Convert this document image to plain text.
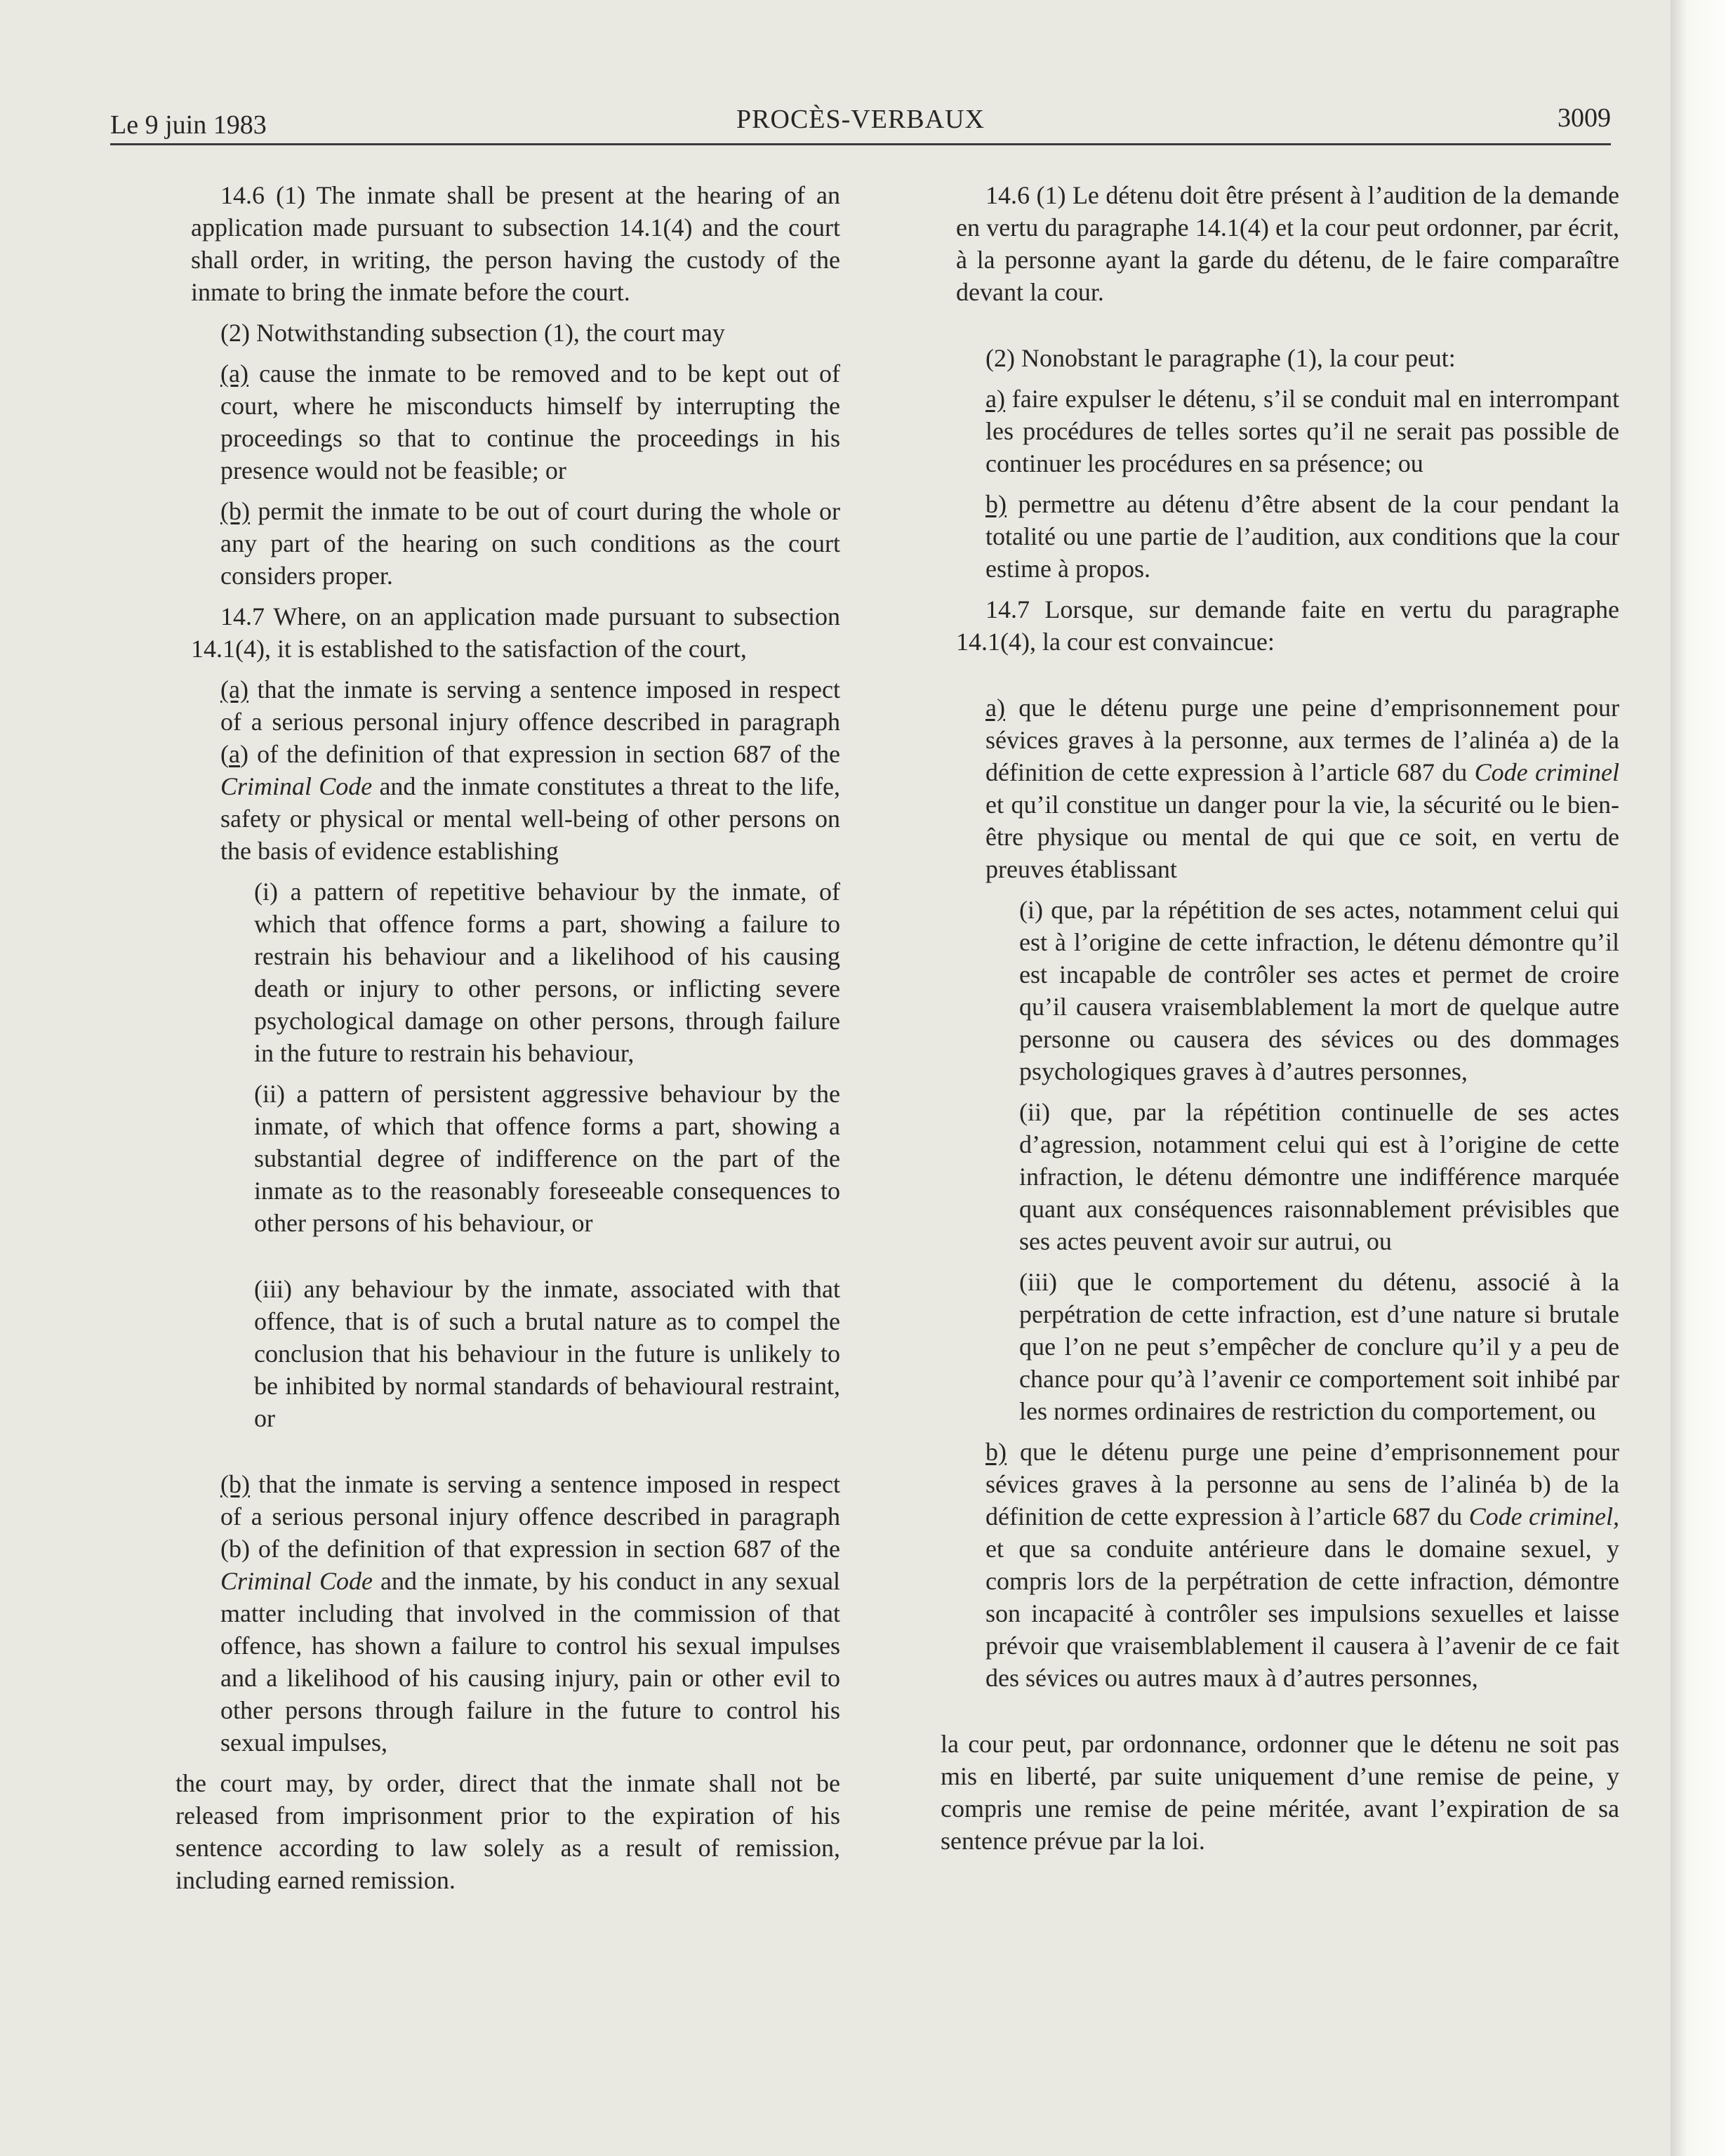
Le 9 juin 1983	PROCÈS-VERBAUX	3009

14.6 (1) The inmate shall be present at the hearing of an application made pursuant to subsection 14.1(4) and the court shall order, in writing, the person having the custody of the inmate to bring the inmate before the court.

(2) Notwithstanding subsection (1), the court may

(a) cause the inmate to be removed and to be kept out of court, where he misconducts himself by interrupting the proceedings so that to continue the proceedings in his presence would not be feasible; or

(b) permit the inmate to be out of court during the whole or any part of the hearing on such conditions as the court considers proper.

14.7 Where, on an application made pursuant to subsection 14.1(4), it is established to the satisfaction of the court,

(a) that the inmate is serving a sentence imposed in respect of a serious personal injury offence described in paragraph (a) of the definition of that expression in section 687 of the Criminal Code and the inmate constitutes a threat to the life, safety or physical or mental well-being of other persons on the basis of evidence establishing

(i) a pattern of repetitive behaviour by the inmate, of which that offence forms a part, showing a failure to restrain his behaviour and a likelihood of his causing death or injury to other persons, or inflicting severe psychological damage on other persons, through failure in the future to restrain his behaviour,

(ii) a pattern of persistent aggressive behaviour by the inmate, of which that offence forms a part, showing a substantial degree of indifference on the part of the inmate as to the reasonably foreseeable consequences to other persons of his behaviour, or

(iii) any behaviour by the inmate, associated with that offence, that is of such a brutal nature as to compel the conclusion that his behaviour in the future is unlikely to be inhibited by normal standards of behavioural restraint, or

(b) that the inmate is serving a sentence imposed in respect of a serious personal injury offence described in paragraph (b) of the definition of that expression in section 687 of the Criminal Code and the inmate, by his conduct in any sexual matter including that involved in the commission of that offence, has shown a failure to control his sexual impulses and a likelihood of his causing injury, pain or other evil to other persons through failure in the future to control his sexual impulses,

the court may, by order, direct that the inmate shall not be released from imprisonment prior to the expiration of his sentence according to law solely as a result of remission, including earned remission.

14.6 (1) Le détenu doit être présent à l’audition de la demande en vertu du paragraphe 14.1(4) et la cour peut ordonner, par écrit, à la personne ayant la garde du détenu, de le faire comparaître devant la cour.

(2) Nonobstant le paragraphe (1), la cour peut:

a) faire expulser le détenu, s’il se conduit mal en interrompant les procédures de telles sortes qu’il ne serait pas possible de continuer les procédures en sa présence; ou

b) permettre au détenu d’être absent de la cour pendant la totalité ou une partie de l’audition, aux conditions que la cour estime à propos.

14.7 Lorsque, sur demande faite en vertu du paragraphe 14.1(4), la cour est convaincue:

a) que le détenu purge une peine d’emprisonnement pour sévices graves à la personne, aux termes de l’alinéa a) de la définition de cette expression à l’article 687 du Code criminel et qu’il constitue un danger pour la vie, la sécurité ou le bien-être physique ou mental de qui que ce soit, en vertu de preuves établissant

(i) que, par la répétition de ses actes, notamment celui qui est à l’origine de cette infraction, le détenu démontre qu’il est incapable de contrôler ses actes et permet de croire qu’il causera vraisemblablement la mort de quelque autre personne ou causera des sévices ou des dommages psychologiques graves à d’autres personnes,

(ii) que, par la répétition continuelle de ses actes d’agression, notamment celui qui est à l’origine de cette infraction, le détenu démontre une indifférence marquée quant aux conséquences raisonnablement prévisibles que ses actes peuvent avoir sur autrui, ou

(iii) que le comportement du détenu, associé à la perpétration de cette infraction, est d’une nature si brutale que l’on ne peut s’empêcher de conclure qu’il y a peu de chance pour qu’à l’avenir ce comportement soit inhibé par les normes ordinaires de restriction du comportement, ou

b) que le détenu purge une peine d’emprisonnement pour sévices graves à la personne au sens de l’alinéa b) de la définition de cette expression à l’article 687 du Code criminel, et que sa conduite antérieure dans le domaine sexuel, y compris lors de la perpétration de cette infraction, démontre son incapacité à contrôler ses impulsions sexuelles et laisse prévoir que vraisemblablement il causera à l’avenir de ce fait des sévices ou autres maux à d’autres personnes,

la cour peut, par ordonnance, ordonner que le détenu ne soit pas mis en liberté, par suite uniquement d’une remise de peine, y compris une remise de peine méritée, avant l’expiration de sa sentence prévue par la loi.
